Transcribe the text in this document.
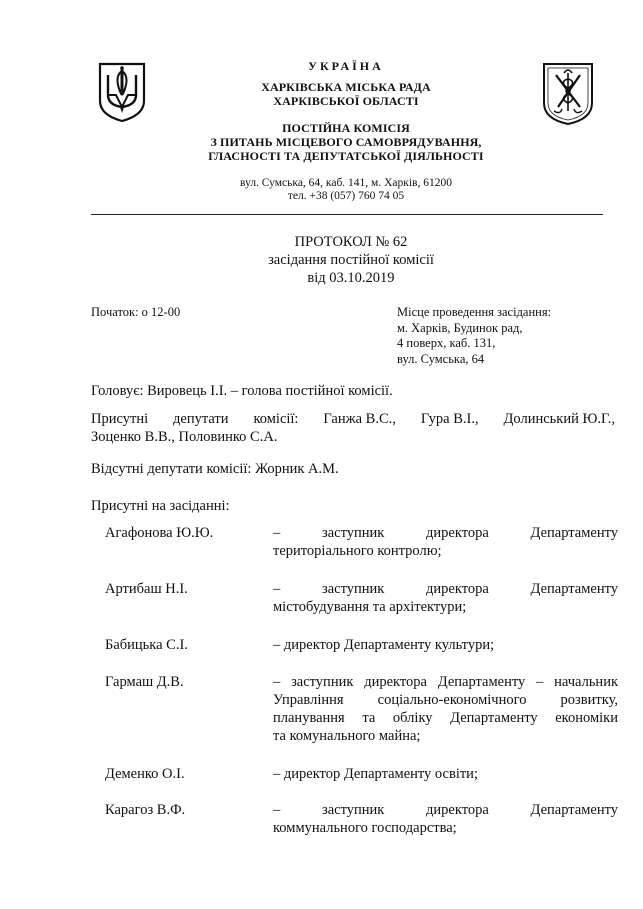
УКРАЇНА
ХАРКІВСЬКА МІСЬКА РАДА
ХАРКІВСЬКОЇ ОБЛАСТІ
ПОСТІЙНА КОМІСІЯ
З ПИТАНЬ МІСЦЕВОГО САМОВРЯДУВАННЯ,
ГЛАСНОСТІ ТА ДЕПУТАТСЬКОЇ ДІЯЛЬНОСТІ
вул. Сумська, 64, каб. 141, м. Харків, 61200
тел. +38 (057) 760 74 05
ПРОТОКОЛ № 62
засідання постійної комісії
від 03.10.2019
Початок: о 12-00	Місце проведення засідання:
м. Харків, Будинок рад,
4 поверх, каб. 131,
вул. Сумська, 64
Головує: Вировець І.І. – голова постійної комісії.
Присутні депутати комісії: Ганжа В.С., Гура В.І., Долинський Ю.Г.,
Зоценко В.В., Половинко С.А.
Відсутні депутати комісії: Жорник А.М.
Присутні на засіданні:
Агафонова Ю.Ю.	– заступник директора Департаменту
територіального контролю;
Артибаш Н.І.	– заступник директора Департаменту
містобудування та архітектури;
Бабицька С.І.	– директор Департаменту культури;
Гармаш Д.В.	– заступник директора Департаменту – начальник
Управління соціально-економічного розвитку,
планування та обліку Департаменту економіки
та комунального майна;
Деменко О.І.	– директор Департаменту освіти;
Карагоз В.Ф.	– заступник директора Департаменту
коммунального господарства;
